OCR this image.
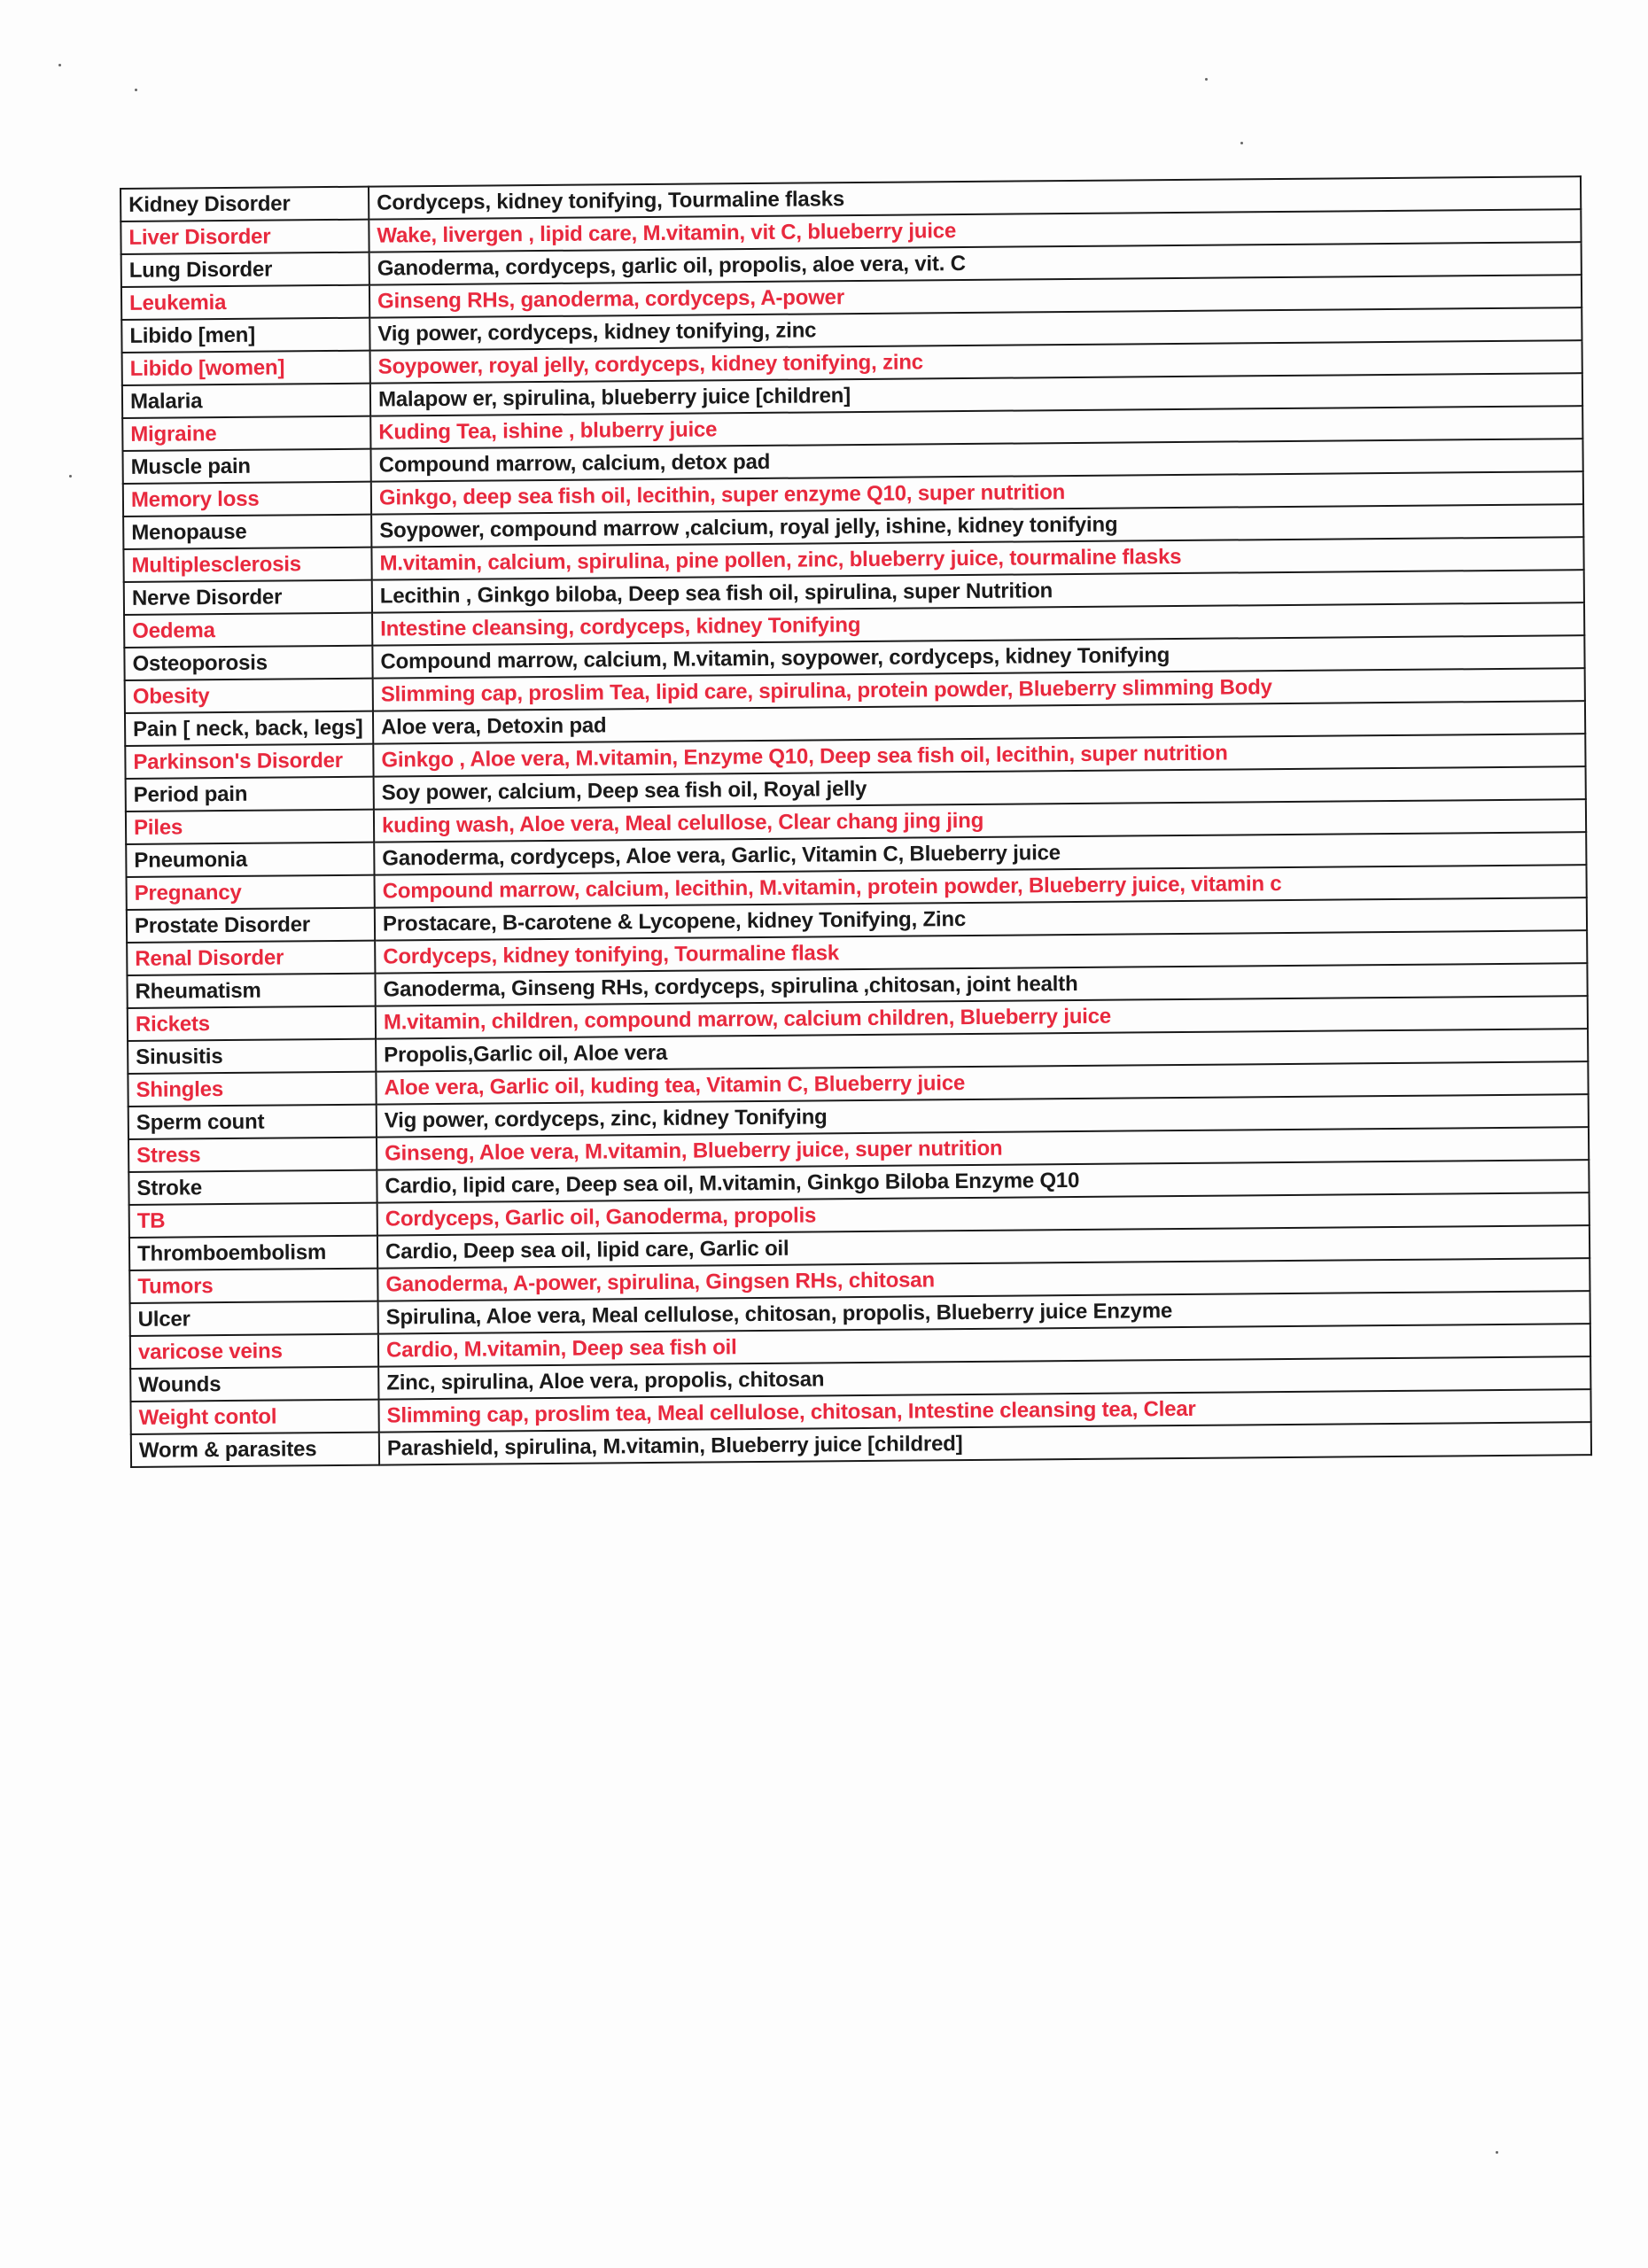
Kidney Disorder	Cordyceps, kidney tonifying, Tourmaline flasks
Liver Disorder	Wake, livergen , lipid care, M.vitamin, vit C, blueberry juice
Lung Disorder	Ganoderma, cordyceps, garlic oil, propolis, aloe vera, vit. C
Leukemia	Ginseng RHs, ganoderma, cordyceps, A-power
Libido [men]	Vig power, cordyceps, kidney tonifying, zinc
Libido [women]	Soypower, royal jelly, cordyceps, kidney tonifying, zinc
Malaria	Malapow er, spirulina, blueberry juice [children]
Migraine	Kuding Tea, ishine , bluberry juice
Muscle pain	Compound marrow, calcium, detox pad
Memory loss	Ginkgo, deep sea fish oil, lecithin, super enzyme Q10, super nutrition
Menopause	Soypower, compound marrow ,calcium, royal jelly, ishine, kidney tonifying
Multiplesclerosis	M.vitamin, calcium, spirulina, pine pollen, zinc, blueberry juice, tourmaline flasks
Nerve Disorder	Lecithin , Ginkgo biloba, Deep sea fish oil, spirulina, super Nutrition
Oedema	Intestine cleansing, cordyceps, kidney Tonifying
Osteoporosis	Compound marrow, calcium, M.vitamin, soypower, cordyceps, kidney Tonifying
Obesity	Slimming cap, proslim Tea, lipid care, spirulina, protein powder, Blueberry slimming Body
Pain [ neck, back, legs]	Aloe vera, Detoxin pad
Parkinson's Disorder	Ginkgo , Aloe vera, M.vitamin, Enzyme Q10, Deep sea fish oil, lecithin, super nutrition
Period pain	Soy power, calcium, Deep sea fish oil, Royal jelly
Piles	kuding wash, Aloe vera, Meal celullose, Clear chang jing jing
Pneumonia	Ganoderma, cordyceps, Aloe vera, Garlic, Vitamin C, Blueberry juice
Pregnancy	Compound marrow, calcium, lecithin, M.vitamin, protein powder, Blueberry juice, vitamin c
Prostate Disorder	Prostacare, B-carotene & Lycopene, kidney Tonifying, Zinc
Renal Disorder	Cordyceps, kidney tonifying, Tourmaline flask
Rheumatism	Ganoderma, Ginseng RHs, cordyceps, spirulina ,chitosan, joint health
Rickets	M.vitamin, children, compound marrow, calcium children, Blueberry juice
Sinusitis	Propolis,Garlic oil, Aloe vera
Shingles	Aloe vera, Garlic oil, kuding tea, Vitamin C, Blueberry juice
Sperm count	Vig power, cordyceps, zinc, kidney Tonifying
Stress	Ginseng, Aloe vera, M.vitamin, Blueberry juice, super nutrition
Stroke	Cardio, lipid care, Deep sea oil, M.vitamin, Ginkgo Biloba Enzyme Q10
TB	Cordyceps, Garlic oil, Ganoderma, propolis
Thromboembolism	Cardio, Deep sea oil, lipid care, Garlic oil
Tumors	Ganoderma, A-power, spirulina, Gingsen RHs, chitosan
Ulcer	Spirulina, Aloe vera, Meal cellulose, chitosan, propolis, Blueberry juice Enzyme
varicose veins	Cardio, M.vitamin, Deep sea fish oil
Wounds	Zinc, spirulina, Aloe vera, propolis, chitosan
Weight contol	Slimming cap, proslim tea, Meal cellulose, chitosan, Intestine cleansing tea, Clear
Worm & parasites	Parashield, spirulina, M.vitamin, Blueberry juice [childred]
